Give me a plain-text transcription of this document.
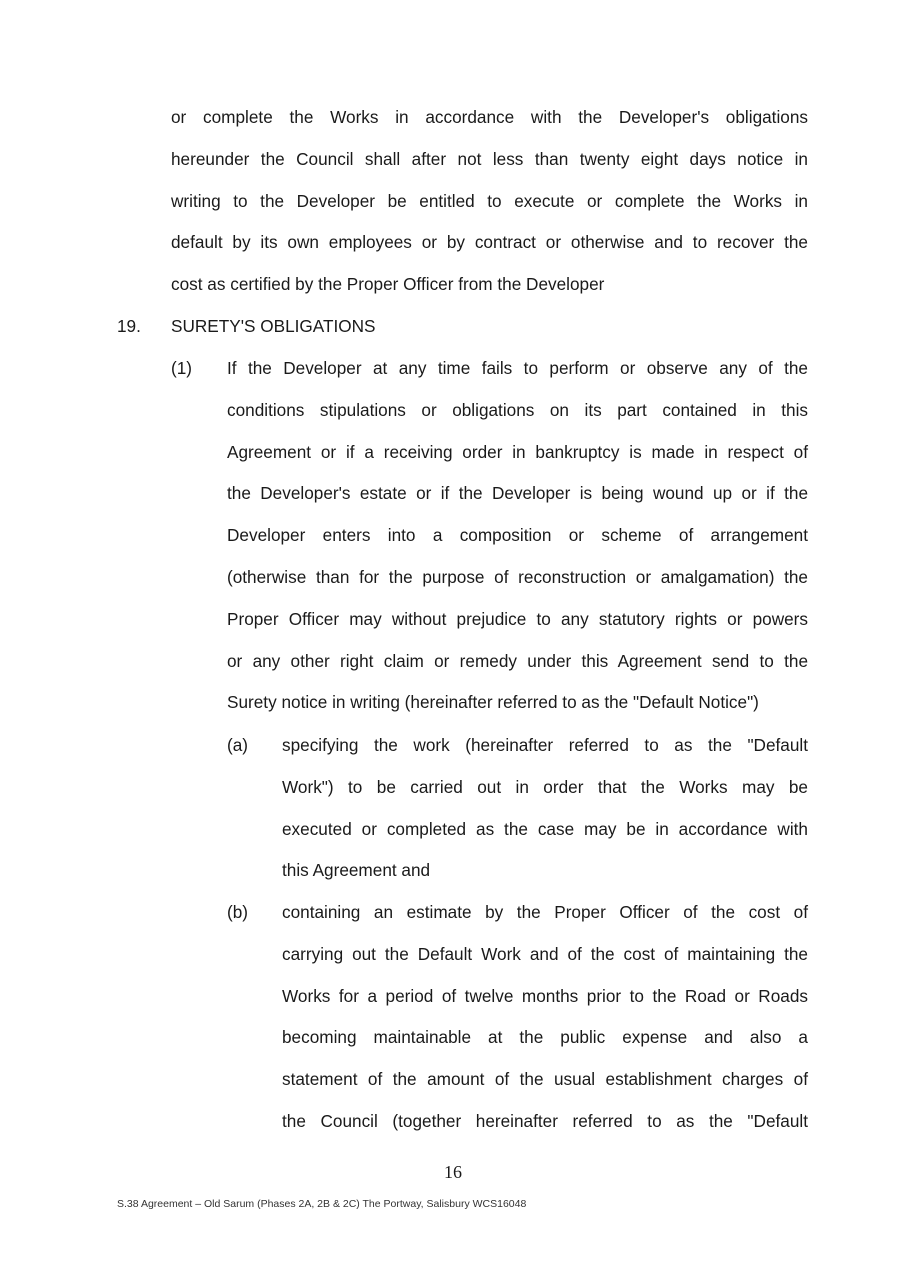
or complete the Works in accordance with the Developer's obligations
hereunder the Council shall after not less than twenty eight days notice in
writing to the Developer be entitled to execute or complete the Works in
default by its own employees or by contract or otherwise and to recover the
cost as certified by the Proper Officer from the Developer
19. SURETY'S OBLIGATIONS
(1) If the Developer at any time fails to perform or observe any of the
conditions stipulations or obligations on its part contained in this
Agreement or if a receiving order in bankruptcy is made in respect of
the Developer's estate or if the Developer is being wound up or if the
Developer enters into a composition or scheme of arrangement
(otherwise than for the purpose of reconstruction or amalgamation) the
Proper Officer may without prejudice to any statutory rights or powers
or any other right claim or remedy under this Agreement send to the
Surety notice in writing (hereinafter referred to as the "Default Notice")
(a) specifying the work (hereinafter referred to as the "Default
Work") to be carried out in order that the Works may be
executed or completed as the case may be in accordance with
this Agreement and
(b) containing an estimate by the Proper Officer of the cost of
carrying out the Default Work and of the cost of maintaining the
Works for a period of twelve months prior to the Road or Roads
becoming maintainable at the public expense and also a
statement of the amount of the usual establishment charges of
the Council (together hereinafter referred to as the "Default
16
S.38 Agreement – Old Sarum (Phases 2A, 2B & 2C) The Portway, Salisbury WCS16048
